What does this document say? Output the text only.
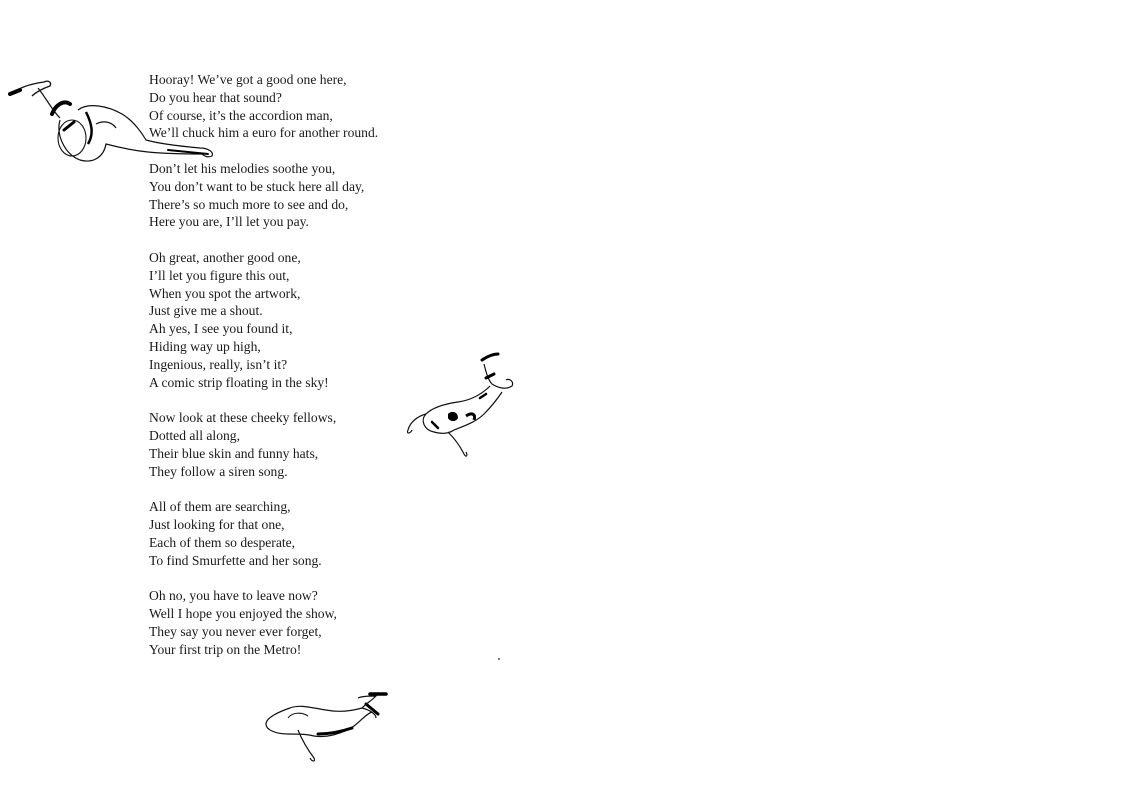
Hooray! We’ve got a good one here,
Do you hear that sound?
Of course, it’s the accordion man,
We’ll chuck him a euro for another round.
Don’t let his melodies soothe you,
You don’t want to be stuck here all day,
There’s so much more to see and do,
Here you are, I’ll let you pay.
Oh great, another good one,
I’ll let you figure this out,
When you spot the artwork,
Just give me a shout.
Ah yes, I see you found it,
Hiding way up high,
Ingenious, really, isn’t it?
A comic strip floating in the sky!
Now look at these cheeky fellows,
Dotted all along,
Their blue skin and funny hats,
They follow a siren song.
All of them are searching,
Just looking for that one,
Each of them so desperate,
To find Smurfette and her song.
Oh no, you have to leave now?
Well I hope you enjoyed the show,
They say you never ever forget,
Your first trip on the Metro!
